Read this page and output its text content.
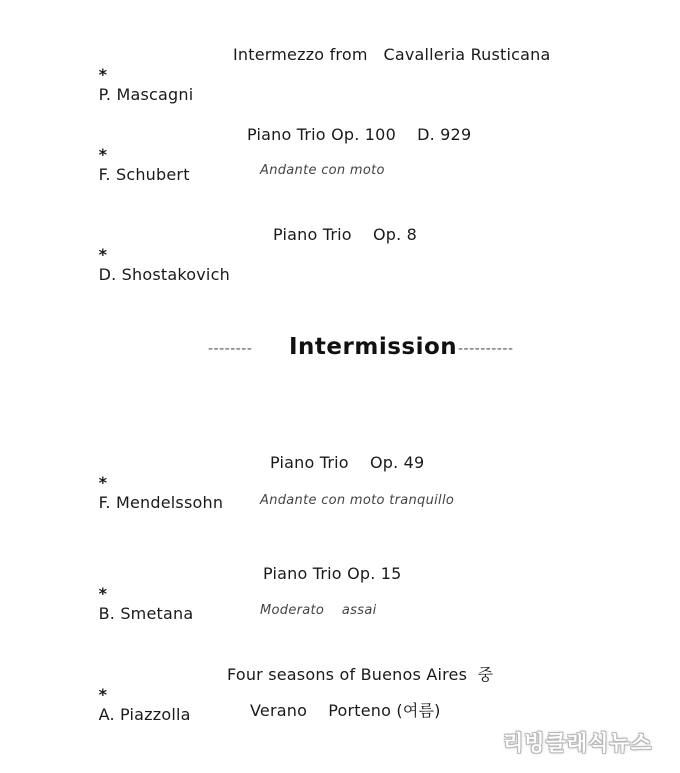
*
P. Mascagni

Intermezzo from   Cavalleria Rusticana

*
F. Schubert

Piano Trio Op. 100    D. 929
Andante con moto

*
D. Shostakovich

Piano Trio    Op. 8
-------- Intermission ----------

*
F. Mendelssohn

Piano Trio    Op. 49
Andante con moto tranquillo

*
B. Smetana

Piano Trio Op. 15
Moderato    assai

*
A. Piazzolla

Four seasons of Buenos Aires  중
Verano    Porteno (여름)
리빙클래식뉴스
